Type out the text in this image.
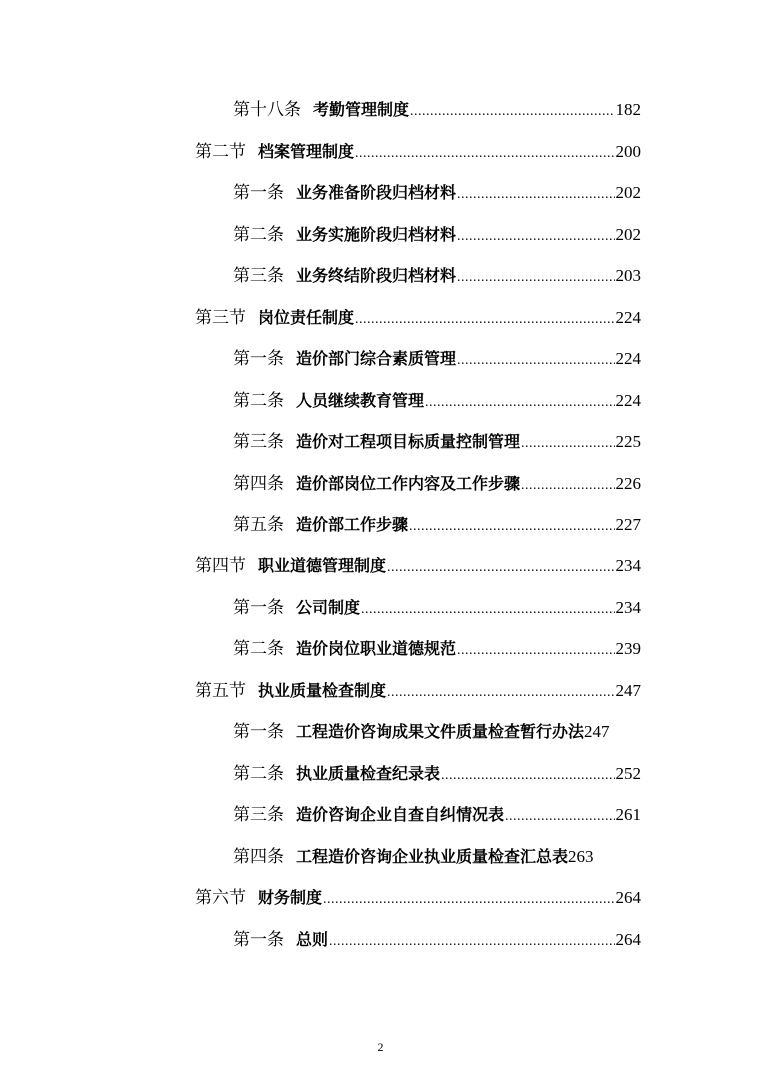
第十八条 考勤管理制度 .....	182
第二节 档案管理制度 .....	200
第一条 业务准备阶段归档材料 .....	202
第二条 业务实施阶段归档材料 .....	202
第三条 业务终结阶段归档材料 .....	203
第三节 岗位责任制度 .....	224
第一条 造价部门综合素质管理 .....	224
第二条 人员继续教育管理 .....	224
第三条 造价对工程项目标质量控制管理 .....	225
第四条 造价部岗位工作内容及工作步骤 .....	226
第五条 造价部工作步骤 .....	227
第四节 职业道德管理制度 .....	234
第一条 公司制度 .....	234
第二条 造价岗位职业道德规范 .....	239
第五节 执业质量检查制度 .....	247
第一条 工程造价咨询成果文件质量检查暂行办法 247
第二条 执业质量检查纪录表 .....	252
第三条 造价咨询企业自查自纠情况表 .....	261
第四条 工程造价咨询企业执业质量检查汇总表 263
第六节 财务制度 .....	264
第一条 总则 .....	264
2
